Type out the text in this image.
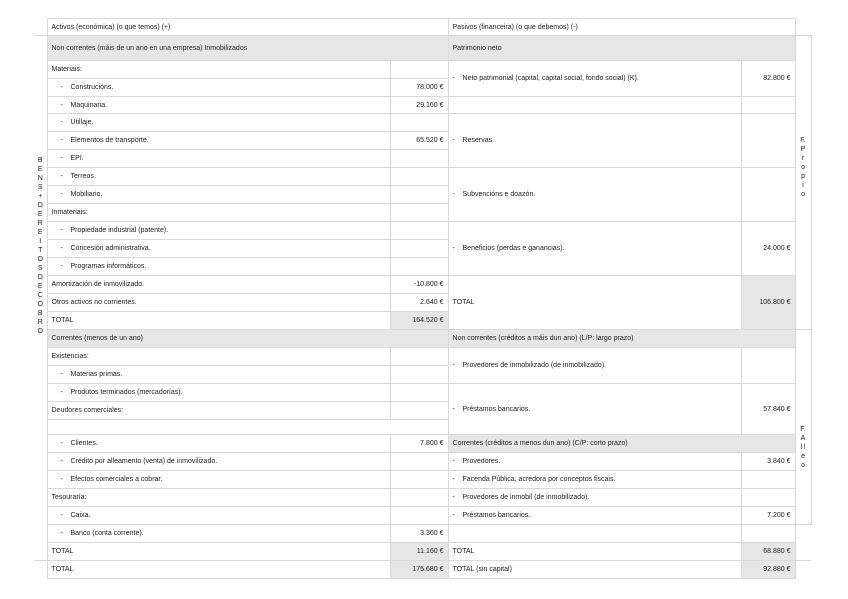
	Activos (económica) (o que temos) (+)		Pasivos (financeira) (o que debemos) (-)		

B E N S + D E R E I T O S D E C O B R O	Non correntes (máis de un ano en una empresa) Inmobilizados		Patrimonio neto		F. P r o p i o

	Materiais:		- Neto patrimonial (capital, capital social, fondo social) (K).	82.800 €	
	- Construcións.	78.000 €			
	- Maquinaria.	29.160 €			
	- Utillaje.		- Reservas.		
	- Elementos de transporte.	65.520 €			
	- EPI.				
	- Terreos.		- Subvencións e doazón.		
	- Mobiliario.				
	Inmateriais:				
	- Propiedade industrial (patente).		- Beneficios (perdas e ganancias).	24.000 €	
	- Concesión administrativa.				
	- Programas informáticos.				
	Amortización de inmovilizado.	-10.800 €	TOTAL	106.800 €	
	Otros activos no corrientes.	2.640 €			
	TOTAL	164.520 €			
	Correntes (menos de un ano)		Non correntes (créditos a máis dun ano) (L/P: largo prazo)		F. A l l e o

	Existencias:		- Provedores de inmobilizado (de inmobilizado).		
	- Materias primas.				
	- Produtos terminados (mercadorías).		- Préstamos bancarios.	57.840 €	
	Deudores comerciales:				

	- Clientes.	7.800 €	Correntes (créditos a menos dun ano) (C/P: corto prazo)		
	- Crédito por alleamento (venta) de inmovilizado.		- Provedores.	3.840 €	
	- Efectos comerciales a cobrar.		- Facenda Pública, acredora por conceptos fiscais.		
	Tesouraría:		- Provedores de inmobil (de inmobilizado).		
	- Caixa.		- Préstamos bancarios.	7.200 €	
	- Banco (conta corrente).	3.360 €			
	TOTAL	11.160 €	TOTAL	68.880 €	
	TOTAL	175.680 €	TOTAL (sin capital)	92.880 €	
